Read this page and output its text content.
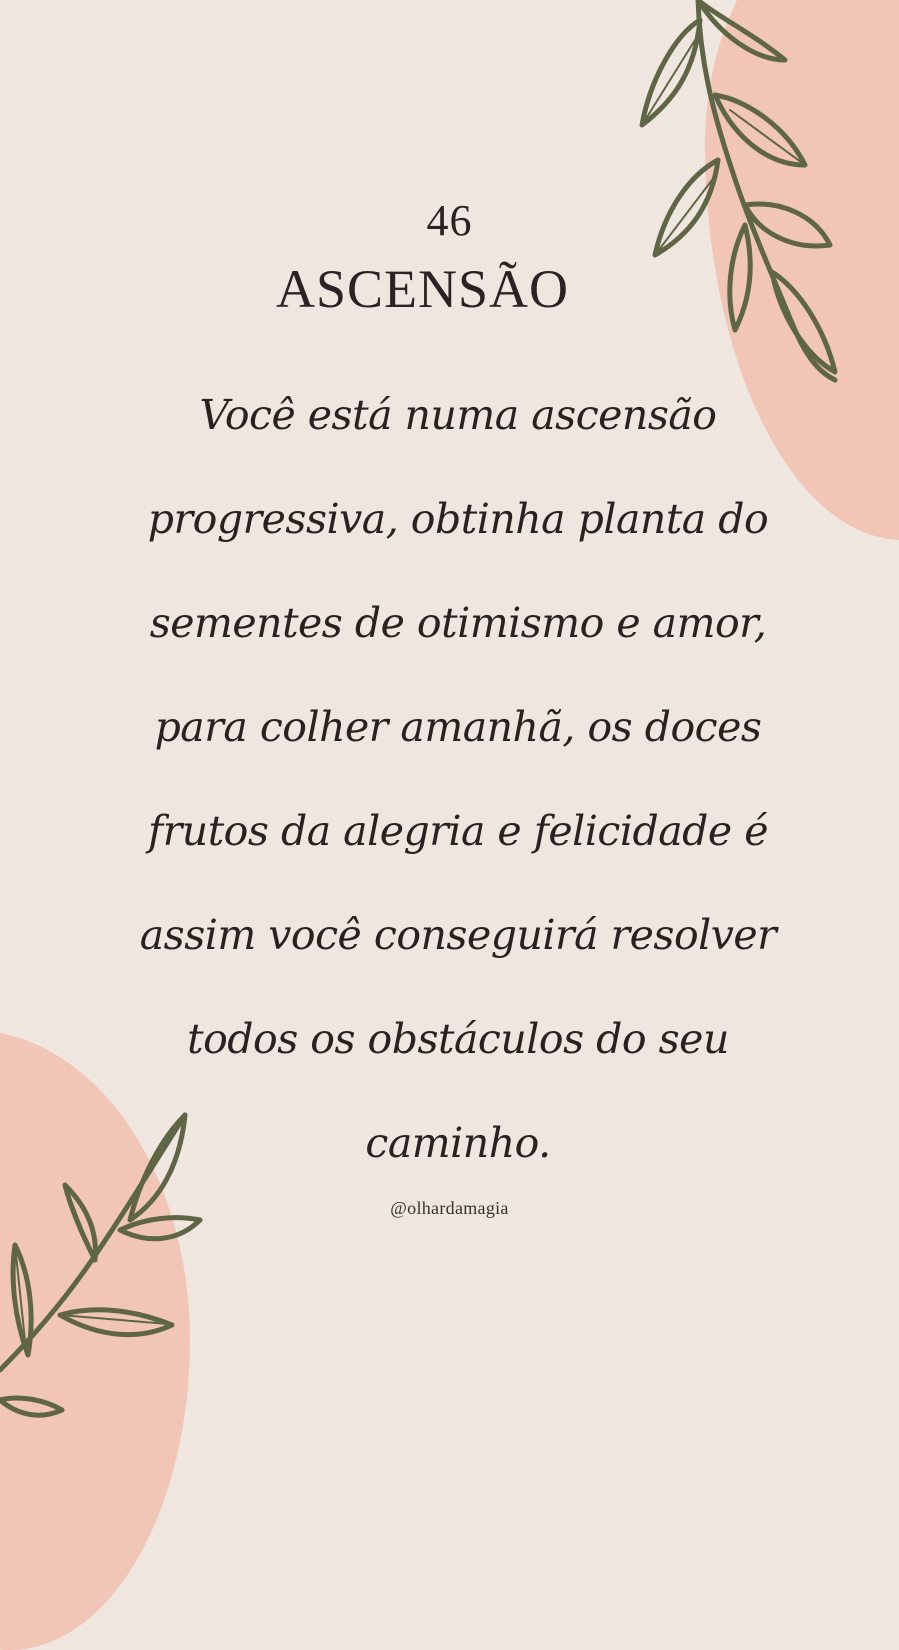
46
ASCENSÃO

Você está numa ascensão
progressiva, obtinha planta do
sementes de otimismo e amor,
para colher amanhã, os doces
frutos da alegria e felicidade é
assim você conseguirá resolver
todos os obstáculos do seu
caminho.

@olhardamagia
